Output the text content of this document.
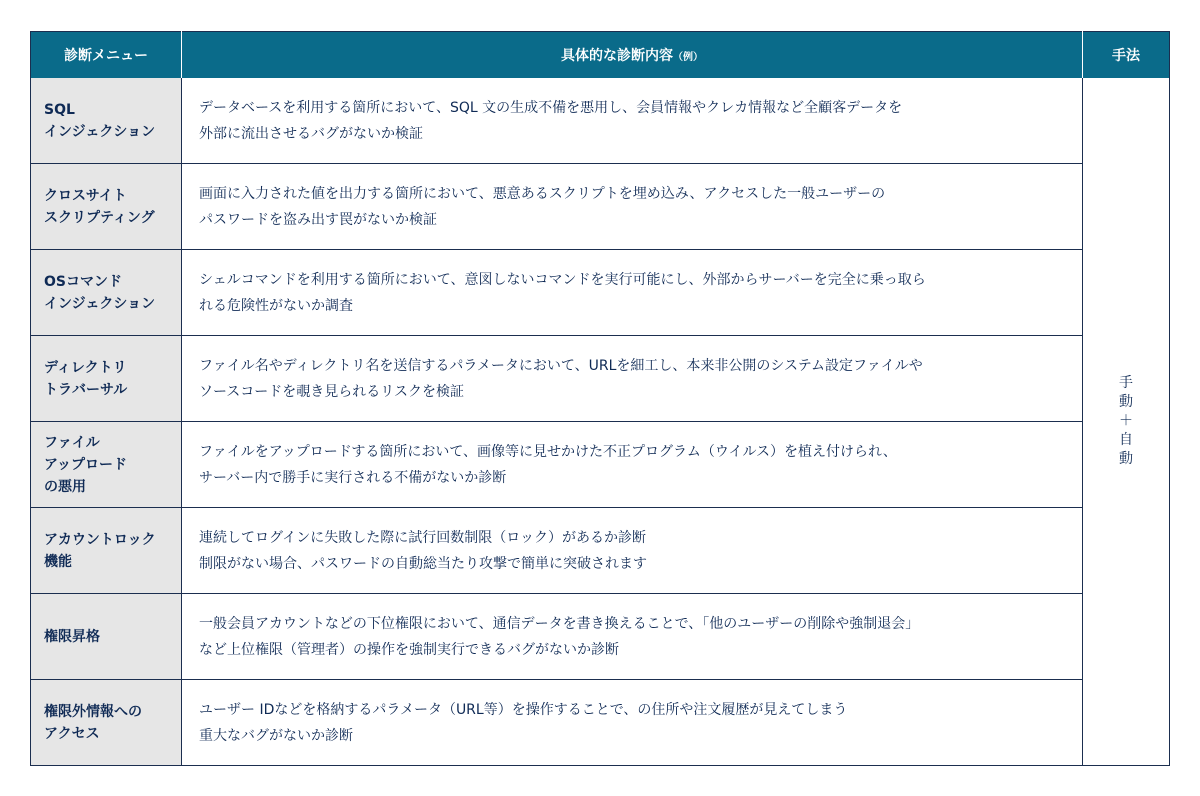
診断メニュー	具体的な診断内容（例）	手法

SQL
インジェクション	データベースを利用する箇所において、SQL 文の生成不備を悪用し、会員情報やクレカ情報など全顧客データを
外部に流出させるバグがないか検証	手動＋自動

クロスサイト
スクリプティング	画面に入力された値を出力する箇所において、悪意あるスクリプトを埋め込み、アクセスした一般ユーザーの
パスワードを盗み出す罠がないか検証	

OSコマンド
インジェクション	シェルコマンドを利用する箇所において、意図しないコマンドを実行可能にし、外部からサーバーを完全に乗っ取ら
れる危険性がないか調査	

ディレクトリ
トラバーサル	ファイル名やディレクトリ名を送信するパラメータにおいて、URLを細工し、本来非公開のシステム設定ファイルや
ソースコードを覗き見られるリスクを検証	

ファイル
アップロード
の悪用	ファイルをアップロードする箇所において、画像等に見せかけた不正プログラム（ウイルス）を植え付けられ、
サーバー内で勝手に実行される不備がないか診断	

アカウントロック
機能	連続してログインに失敗した際に試行回数制限（ロック）があるか診断
制限がない場合、パスワードの自動総当たり攻撃で簡単に突破されます	

権限昇格	一般会員アカウントなどの下位権限において、通信データを書き換えることで、「他のユーザーの削除や強制退会」
など上位権限（管理者）の操作を強制実行できるバグがないか診断	

権限外情報への
アクセス	ユーザー IDなどを格納するパラメータ（URL等）を操作することで、の住所や注文履歴が見えてしまう
重大なバグがないか診断	
